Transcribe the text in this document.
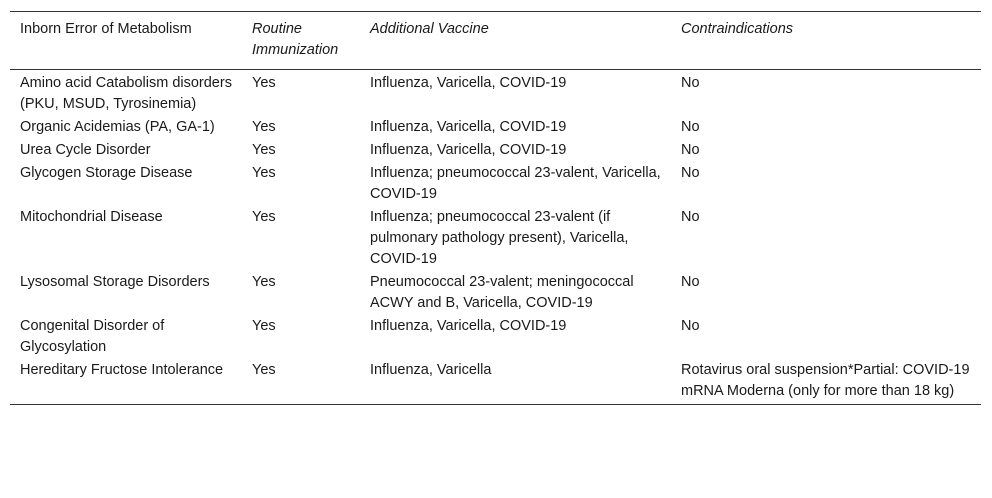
Inborn Error of Metabolism	Routine Immunization	Additional Vaccine	Contraindications
Amino acid Catabolism disorders (PKU, MSUD, Tyrosinemia)	Yes	Influenza, Varicella, COVID-19	No
Organic Acidemias (PA, GA-1)	Yes	Influenza, Varicella, COVID-19	No
Urea Cycle Disorder	Yes	Influenza, Varicella, COVID-19	No
Glycogen Storage Disease	Yes	Influenza; pneumococcal 23-valent, Varicella, COVID-19	No
Mitochondrial Disease	Yes	Influenza; pneumococcal 23-valent (if pulmonary pathology present), Varicella, COVID-19	No
Lysosomal Storage Disorders	Yes	Pneumococcal 23-valent; meningococcal ACWY and B, Varicella, COVID-19	No
Congenital Disorder of Glycosylation	Yes	Influenza, Varicella, COVID-19	No
Hereditary Fructose Intolerance	Yes	Influenza, Varicella	Rotavirus oral suspension*Partial: COVID-19 mRNA Moderna (only for more than 18 kg)
